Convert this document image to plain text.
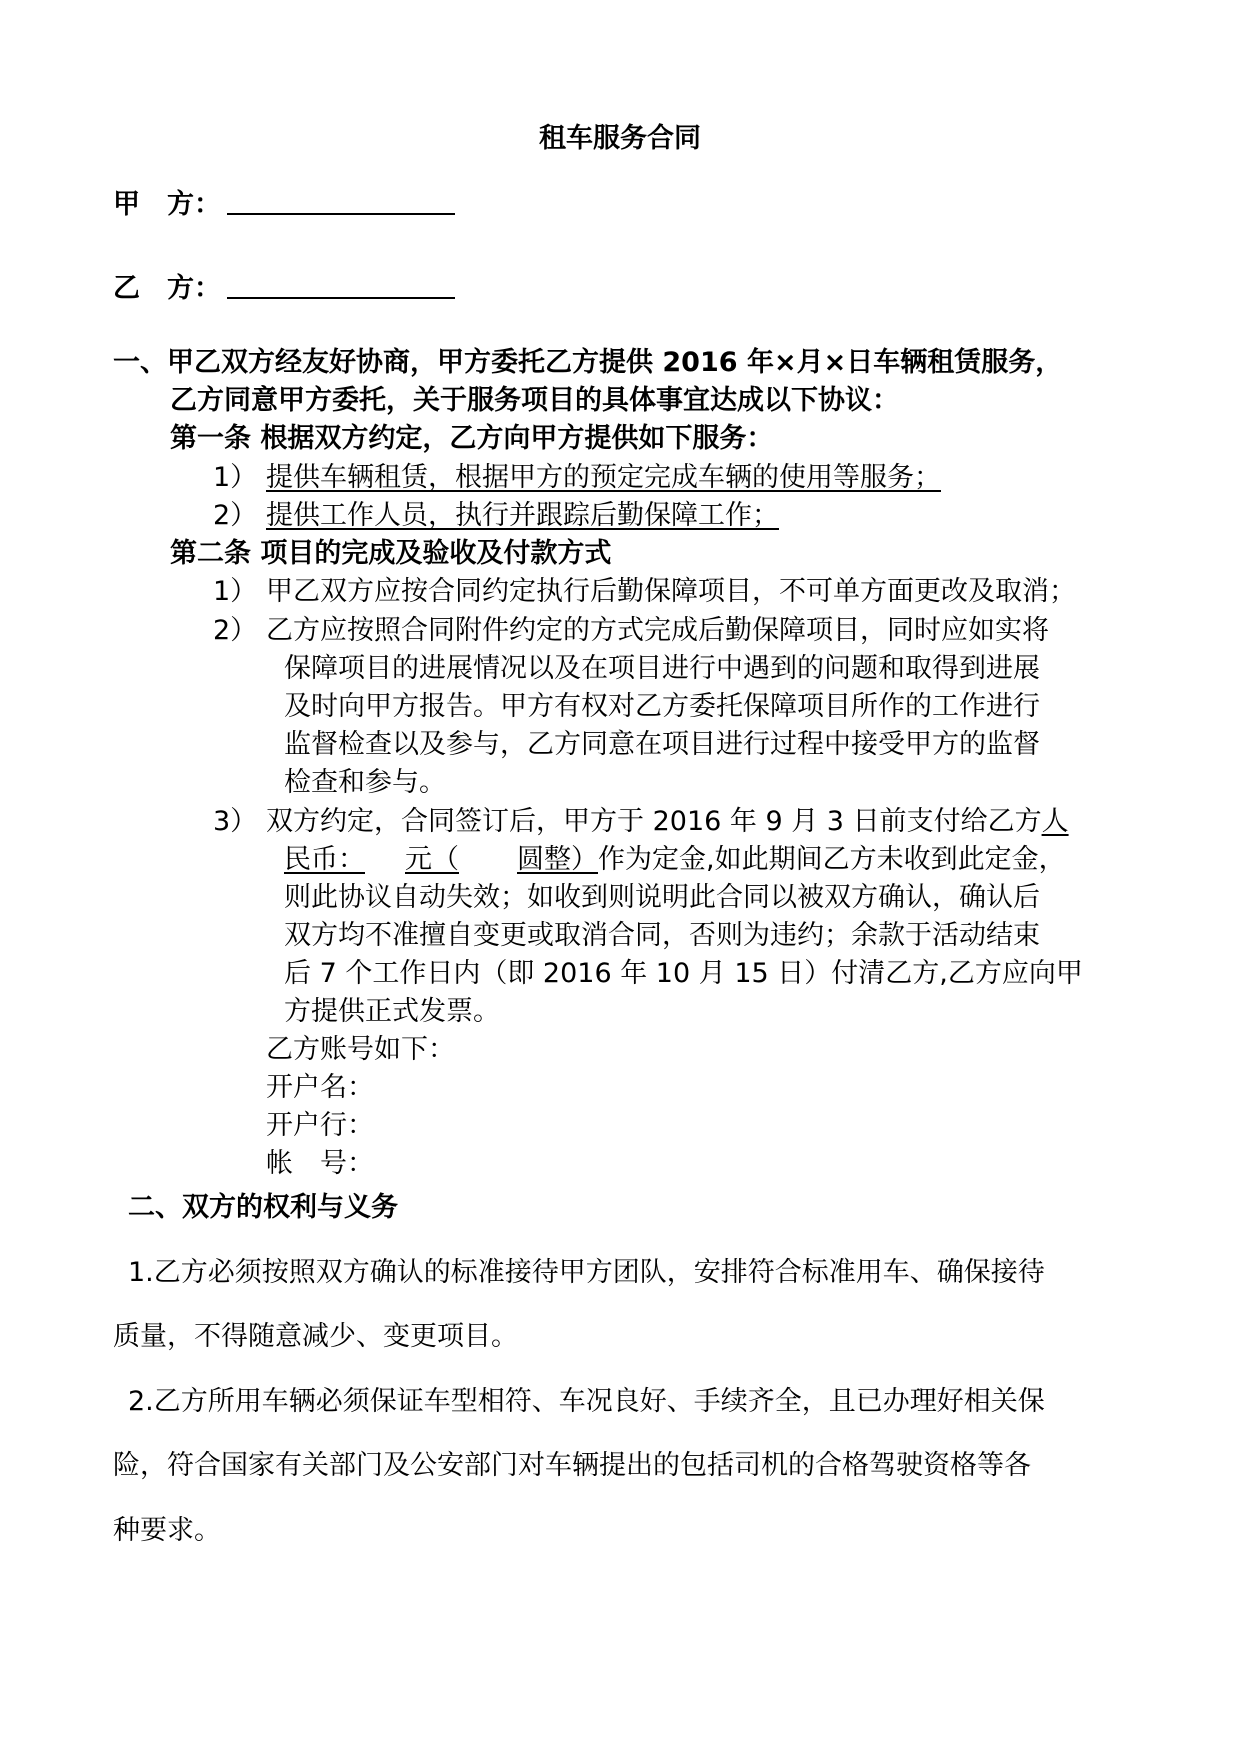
租车服务合同
甲　方：
乙　方：
一、甲乙双方经友好协商，甲方委托乙方提供 2016 年×月×日车辆租赁服务，
乙方同意甲方委托，关于服务项目的具体事宜达成以下协议：
第一条 根据双方约定，乙方向甲方提供如下服务：
1） 提供车辆租赁，根据甲方的预定完成车辆的使用等服务；
2） 提供工作人员，执行并跟踪后勤保障工作；
第二条 项目的完成及验收及付款方式
1） 甲乙双方应按合同约定执行后勤保障项目，不可单方面更改及取消；
2） 乙方应按照合同附件约定的方式完成后勤保障项目，同时应如实将
保障项目的进展情况以及在项目进行中遇到的问题和取得到进展
及时向甲方报告。甲方有权对乙方委托保障项目所作的工作进行
监督检查以及参与，乙方同意在项目进行过程中接受甲方的监督
检查和参与。
3） 双方约定，合同签订后，甲方于 2016 年 9 月 3 日前支付给乙方人
民币： 元（ 圆整）作为定金,如此期间乙方未收到此定金，
则此协议自动失效；如收到则说明此合同以被双方确认，确认后
双方均不准擅自变更或取消合同，否则为违约；余款于活动结束
后 7 个工作日内（即 2016 年 10 月 15 日）付清乙方,乙方应向甲
方提供正式发票。
乙方账号如下：
开户名：
开户行：
帐　号：
二、双方的权利与义务
1.乙方必须按照双方确认的标准接待甲方团队，安排符合标准用车、确保接待
质量，不得随意减少、变更项目。
2.乙方所用车辆必须保证车型相符、车况良好、手续齐全，且已办理好相关保
险，符合国家有关部门及公安部门对车辆提出的包括司机的合格驾驶资格等各
种要求。
